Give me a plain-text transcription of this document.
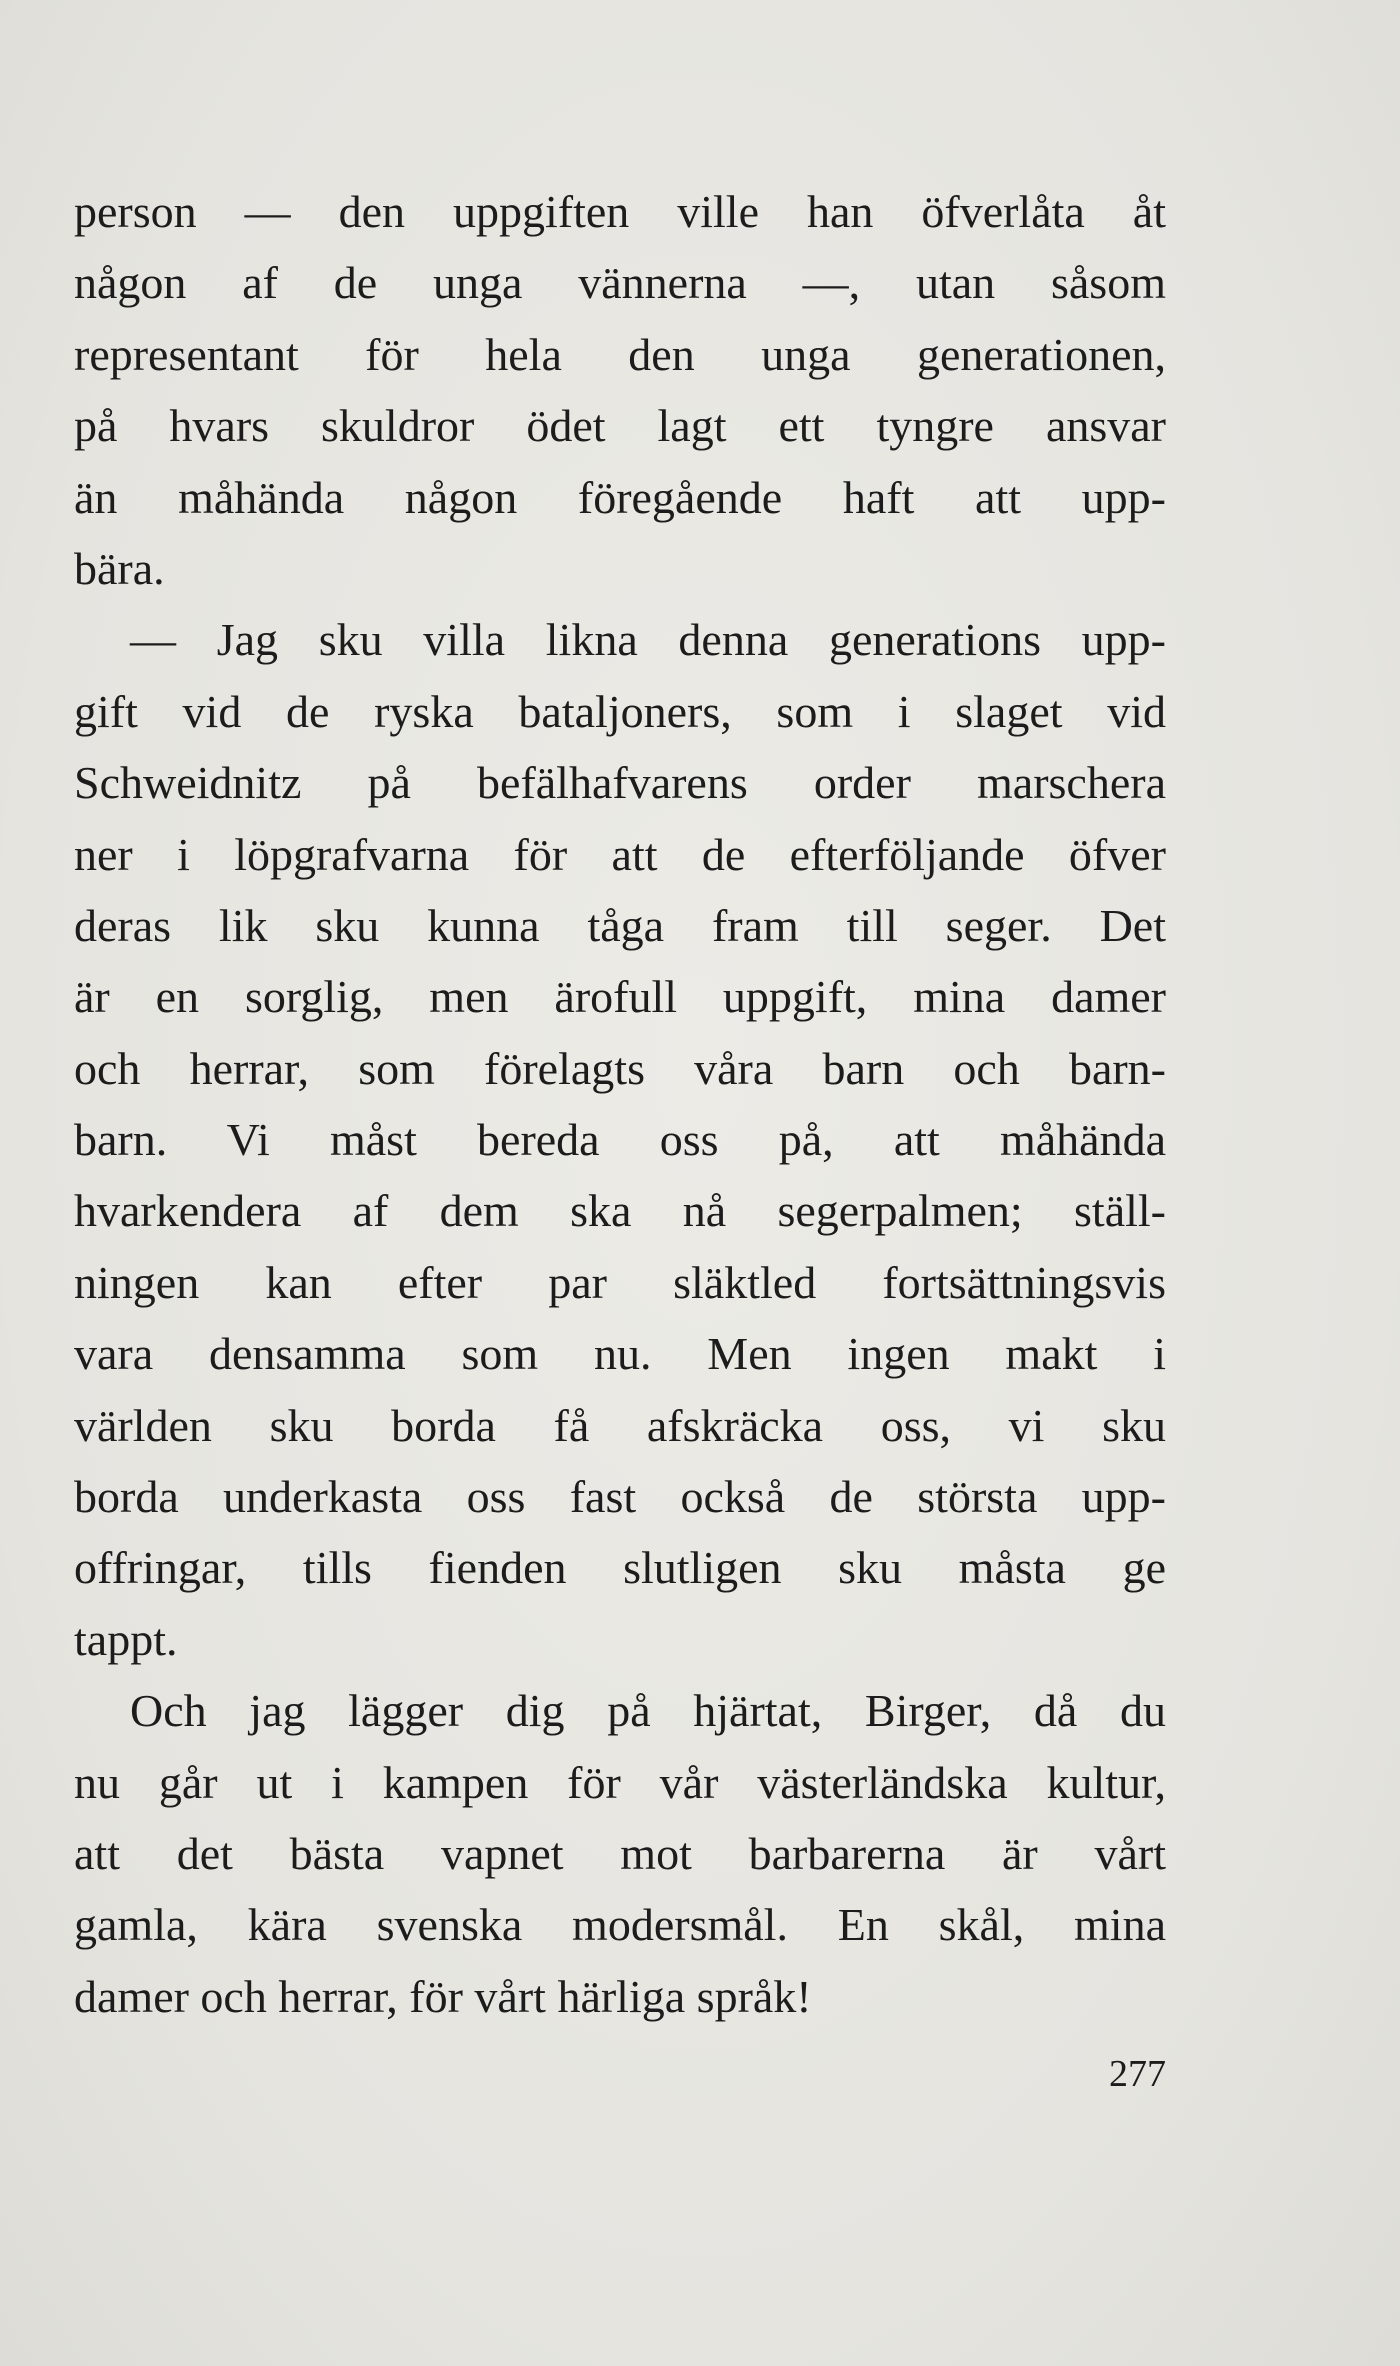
person — den uppgiften ville han öfverlåta åt
någon af de unga vännerna —, utan såsom
representant för hela den unga generationen,
på hvars skuldror ödet lagt ett tyngre ansvar
än måhända någon föregående haft att upp-
bära.
— Jag sku villa likna denna generations upp-
gift vid de ryska bataljoners, som i slaget vid
Schweidnitz på befälhafvarens order marschera
ner i löpgrafvarna för att de efterföljande öfver
deras lik sku kunna tåga fram till seger. Det
är en sorglig, men ärofull uppgift, mina damer
och herrar, som förelagts våra barn och barn-
barn. Vi måst bereda oss på, att måhända
hvarkendera af dem ska nå segerpalmen; ställ-
ningen kan efter par släktled fortsättningsvis
vara densamma som nu. Men ingen makt i
världen sku borda få afskräcka oss, vi sku
borda underkasta oss fast också de största upp-
offringar, tills fienden slutligen sku måsta ge
tappt.
Och jag lägger dig på hjärtat, Birger, då du
nu går ut i kampen för vår västerländska kultur,
att det bästa vapnet mot barbarerna är vårt
gamla, kära svenska modersmål. En skål, mina
damer och herrar, för vårt härliga språk!
277
